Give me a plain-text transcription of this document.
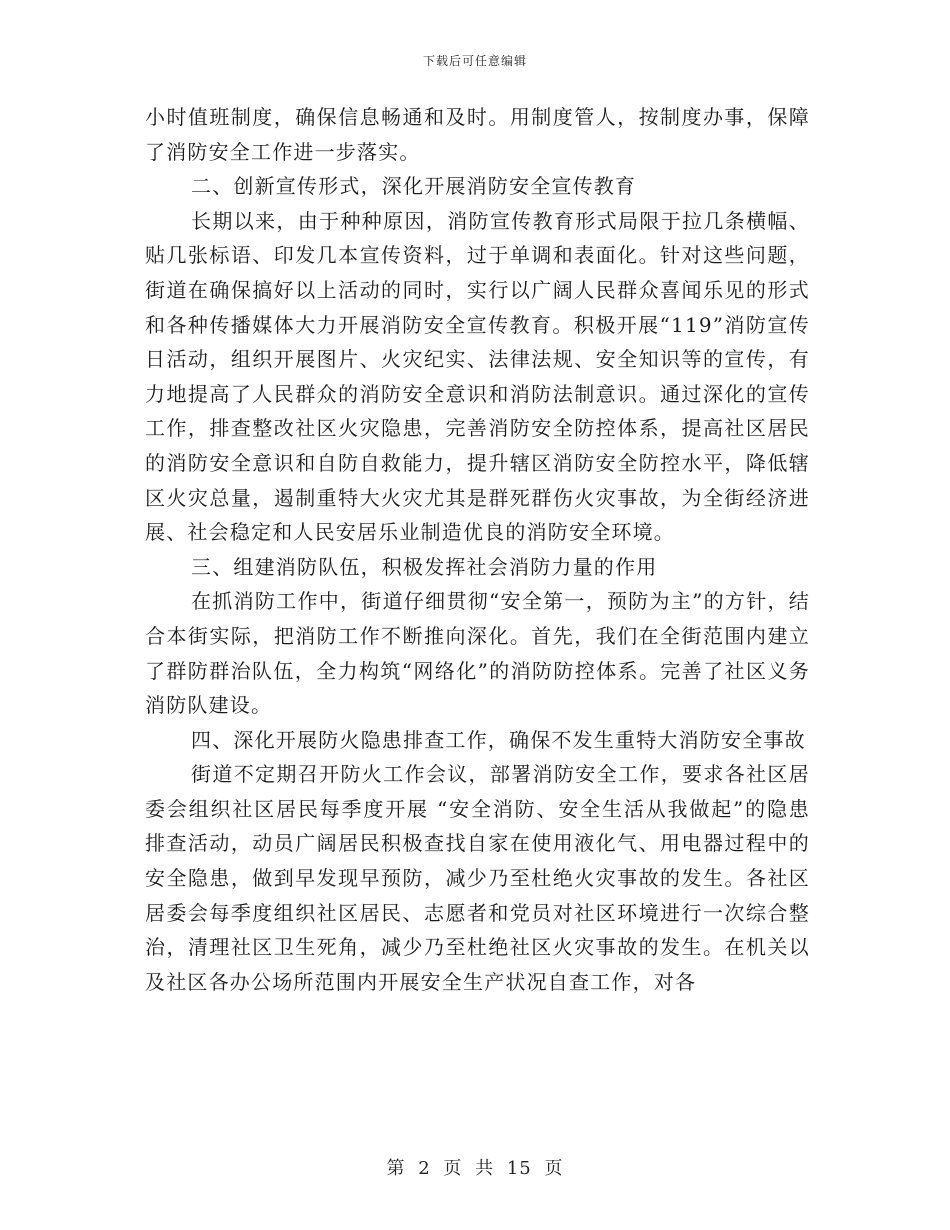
下载后可任意编辑

小时值班制度，确保信息畅通和及时。用制度管人，按制度办事，保障了消防安全工作进一步落实。

二、创新宣传形式，深化开展消防安全宣传教育

长期以来，由于种种原因，消防宣传教育形式局限于拉几条横幅、贴几张标语、印发几本宣传资料，过于单调和表面化。针对这些问题，街道在确保搞好以上活动的同时，实行以广阔人民群众喜闻乐见的形式和各种传播媒体大力开展消防安全宣传教育。积极开展“119”消防宣传日活动，组织开展图片、火灾纪实、法律法规、安全知识等的宣传，有力地提高了人民群众的消防安全意识和消防法制意识。通过深化的宣传工作，排查整改社区火灾隐患，完善消防安全防控体系，提高社区居民的消防安全意识和自防自救能力，提升辖区消防安全防控水平，降低辖区火灾总量，遏制重特大火灾尤其是群死群伤火灾事故，为全街经济进展、社会稳定和人民安居乐业制造优良的消防安全环境。

三、组建消防队伍，积极发挥社会消防力量的作用

在抓消防工作中，街道仔细贯彻“安全第一，预防为主”的方针，结合本街实际，把消防工作不断推向深化。首先，我们在全街范围内建立了群防群治队伍，全力构筑“网络化”的消防防控体系。完善了社区义务消防队建设。

四、深化开展防火隐患排查工作，确保不发生重特大消防安全事故

街道不定期召开防火工作会议，部署消防安全工作，要求各社区居委会组织社区居民每季度开展 “安全消防、安全生活从我做起”的隐患排查活动，动员广阔居民积极查找自家在使用液化气、用电器过程中的安全隐患，做到早发现早预防，减少乃至杜绝火灾事故的发生。各社区居委会每季度组织社区居民、志愿者和党员对社区环境进行一次综合整治，清理社区卫生死角，减少乃至杜绝社区火灾事故的发生。在机关以及社区各办公场所范围内开展安全生产状况自查工作，对各

第 2 页 共 15 页
